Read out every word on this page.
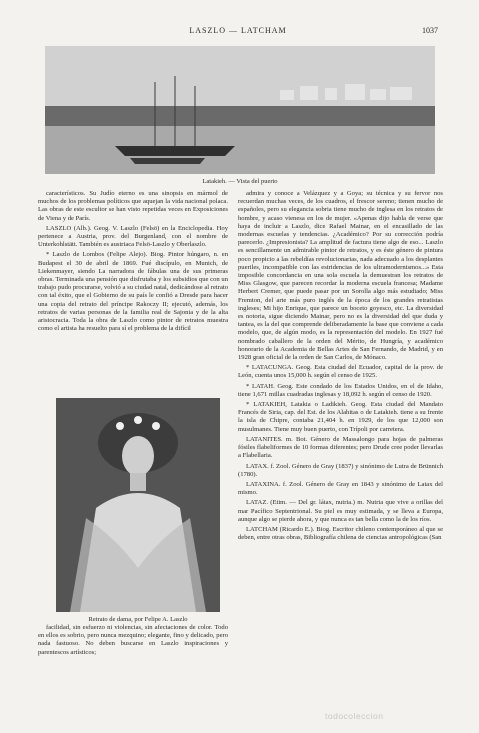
LASZLO — LATCHAM	1037
Latakieh. — Vista del puerto

característicos. Su Judío eterno es una sinopsis en mármol de muchos de los problemas políticos que aquejan la vida nacional polaca. Las obras de este escultor se han visto repetidas veces en Exposiciones de Viena y de París.

LASZLO (Alb.). Geog. V. Laszlo (Felsö) en la Enciclopedia. Hoy pertenece a Austria, prov. del Burgenland, con el nombre de Unterkohlstätt. También es austriaca Felsö-Laszlo y Oberlaszlo.

* Laszlo de Lombos (Felipe Alejo). Biog. Pintor húngaro, n. en Budapest el 30 de abril de 1869. Fué discípulo, en Munich, de Liekenmayer, siendo La narradora de fábulas una de sus primeras obras. Terminada una pensión que disfrutaba y los subsidios que con un trabajo pudo procurarse, volvió a su ciudad natal, dedicándose al retrato con tal éxito, que el Gobierno de su país le confió a Dresde para hacer una copia del retrato del príncipe Rakoczy II; ejecutó, además, los retratos de varias personas de la familia real de Sajonia y de la alta aristocracia. Toda la obra de Laszlo como pintor de retratos muestra como el artista ha resuelto para sí el problema de la difícil

Retrato de dama, por Felipe A. Laszlo

facilidad, sin esfuerzo ni violencias, sin afectaciones de color. Todo en ellos es sobrio, pero nunca mezquino; elegante, fino y delicado, pero nada fastuoso. No deben buscarse en Laszlo inspiraciones y parentescos artísticos;

admira y conoce a Velázquez y a Goya; su técnica y su fervor nos recuerdan muchas veces, de los cuadros, el frescor sereno; tienen mucho de españoles, pero su elegancia sobria tiene mucho de inglesa en los retratos de hombre, y acaso vienesa en los de mujer. «Apenas dijo habla de verse que haya de incluir a Laszlo, dice Rafael Mainar, en el encasillado de las modernas escuelas y tendencias. ¿Académico? Por su corrección podría parecerlo. ¿Impresionista? La amplitud de factura tiene algo de eso... Laszlo es sencillamente un admirable pintor de retratos, y es éste género de pintura poco propicio a las rebeldías revolucionarias, nada adecuado a los desplantes pueriles, incompatible con las estridencias de los ultramodernismos...» Esta imposible concordancia en una sola escuela la demuestran los retratos de Miss Glasgow, que parecen recordar la moderna escuela francesa; Madame Herbert Cremer, que puede pasar por un Sorolla algo más estudiado; Miss Fremton, del arte más puro inglés de la época de los grandes retratistas ingleses; Mi hijo Enrique, que parece un boceto goyesco, etc. La diversidad es notoria, sigue diciendo Mainar, pero no es la diversidad del que duda y tantea, es la del que comprende deliberadamente la base que conviene a cada modelo, que, de algún modo, es la representación del modelo. En 1927 fué nombrado caballero de la orden del Mérito, de Hungría, y académico honorario de la Academia de Bellas Artes de San Fernando, de Madrid, y en 1928 gran oficial de la orden de San Carlos, de Mónaco.

* LATACUNGA. Geog. Esta ciudad del Ecuador, capital de la prov. de León, cuenta unos 15,000 h. según el censo de 1925.

* LATAH. Geog. Este condado de los Estados Unidos, en el de Idaho, tiene 1,671 millas cuadradas inglesas y 18,092 h. según el censo de 1920.

* LATAKIEH, Latakia o Ladikieh. Geog. Esta ciudad del Mandato Francés de Siria, cap. del Est. de los Alahitas o de Latakieh. tiene a su frente la isla de Chipre, contaba 21,404 h. en 1929, de los que 12,000 son musulmanes. Tiene muy buen puerto, con Trípoli por carretera.

LATANITES. m. Bot. Género de Massalongo para hojas de palmeras fósiles flabeliformes de 10 formas diferentes; pero Drude cree poder llevarlas a Flabellaria.

LATAX. f. Zool. Género de Gray (1837) y sinónimo de Lutra de Brünnich (1780).

LATAXINA. f. Zool. Género de Gray en 1843 y sinónimo de Latax del mismo.

LATAZ. (Etim. — Del gr. látax, nutria.) m. Nutria que vive a orillas del mar Pacífico Septentrional. Su piel es muy estimada, y se lleva a Europa, aunque algo se pierde ahora, y que nunca es tan bella como la de los ríos.

LATCHAM (Ricardo E.). Biog. Escritor chileno contemporáneo al que se deben, entre otras obras, Bibliografía chilena de ciencias antropológicas (San

todocoleccion
